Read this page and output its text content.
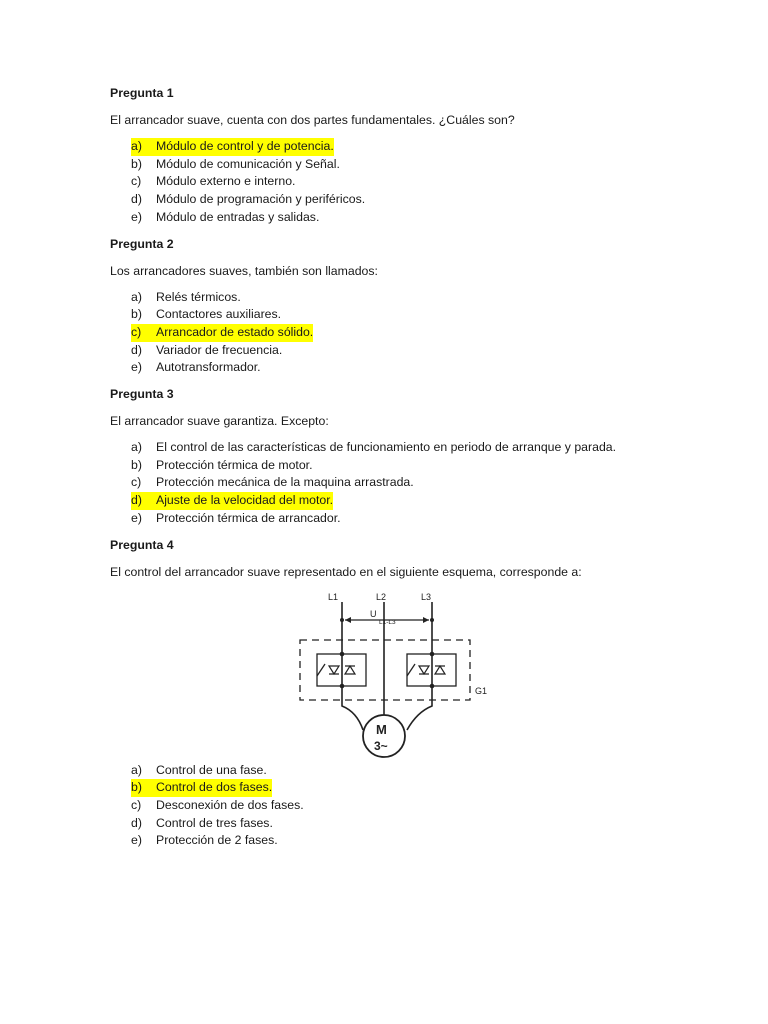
Pregunta 1

El arrancador suave, cuenta con dos partes fundamentales. ¿Cuáles son?

a)	Módulo de control y de potencia.
b)	Módulo de comunicación y Señal.
c)	Módulo externo e interno.
d)	Módulo de programación y periféricos.
e)	Módulo de entradas y salidas.

Pregunta 2

Los arrancadores suaves, también son llamados:

a)	Relés térmicos.
b)	Contactores auxiliares.
c)	Arrancador de estado sólido.
d)	Variador de frecuencia.
e)	Autotransformador.

Pregunta 3

El arrancador suave garantiza. Excepto:

a)	El control de las características de funcionamiento en periodo de arranque y parada.
b)	Protección térmica de motor.
c)	Protección mecánica de la maquina arrastrada.
d)	Ajuste de la velocidad del motor.
e)	Protección térmica de arrancador.

Pregunta 4

El control del arrancador suave representado en el siguiente esquema, corresponde a:

L1	L2	L3
U
L1-L3
G1
M
3~
a)	Control de una fase.
b)	Control de dos fases.
c)	Desconexión de dos fases.
d)	Control de tres fases.
e)	Protección de 2 fases.
